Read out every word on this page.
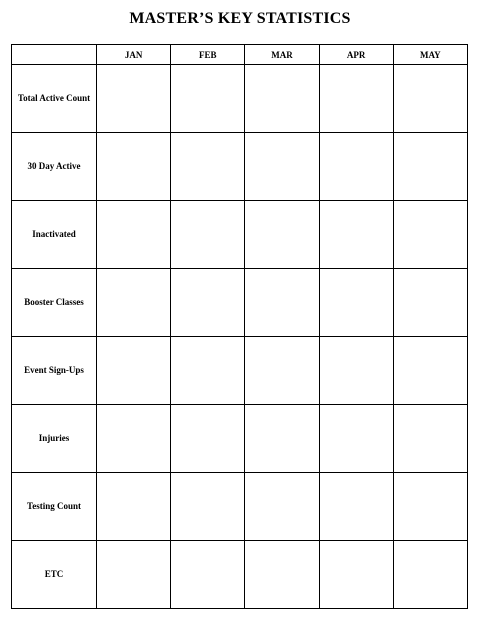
MASTER’S KEY STATISTICS
	JAN	FEB	MAR	APR	MAY
Total Active Count					
30 Day Active					
Inactivated					
Booster Classes					
Event Sign-Ups					
Injuries					
Testing Count					
ETC					
